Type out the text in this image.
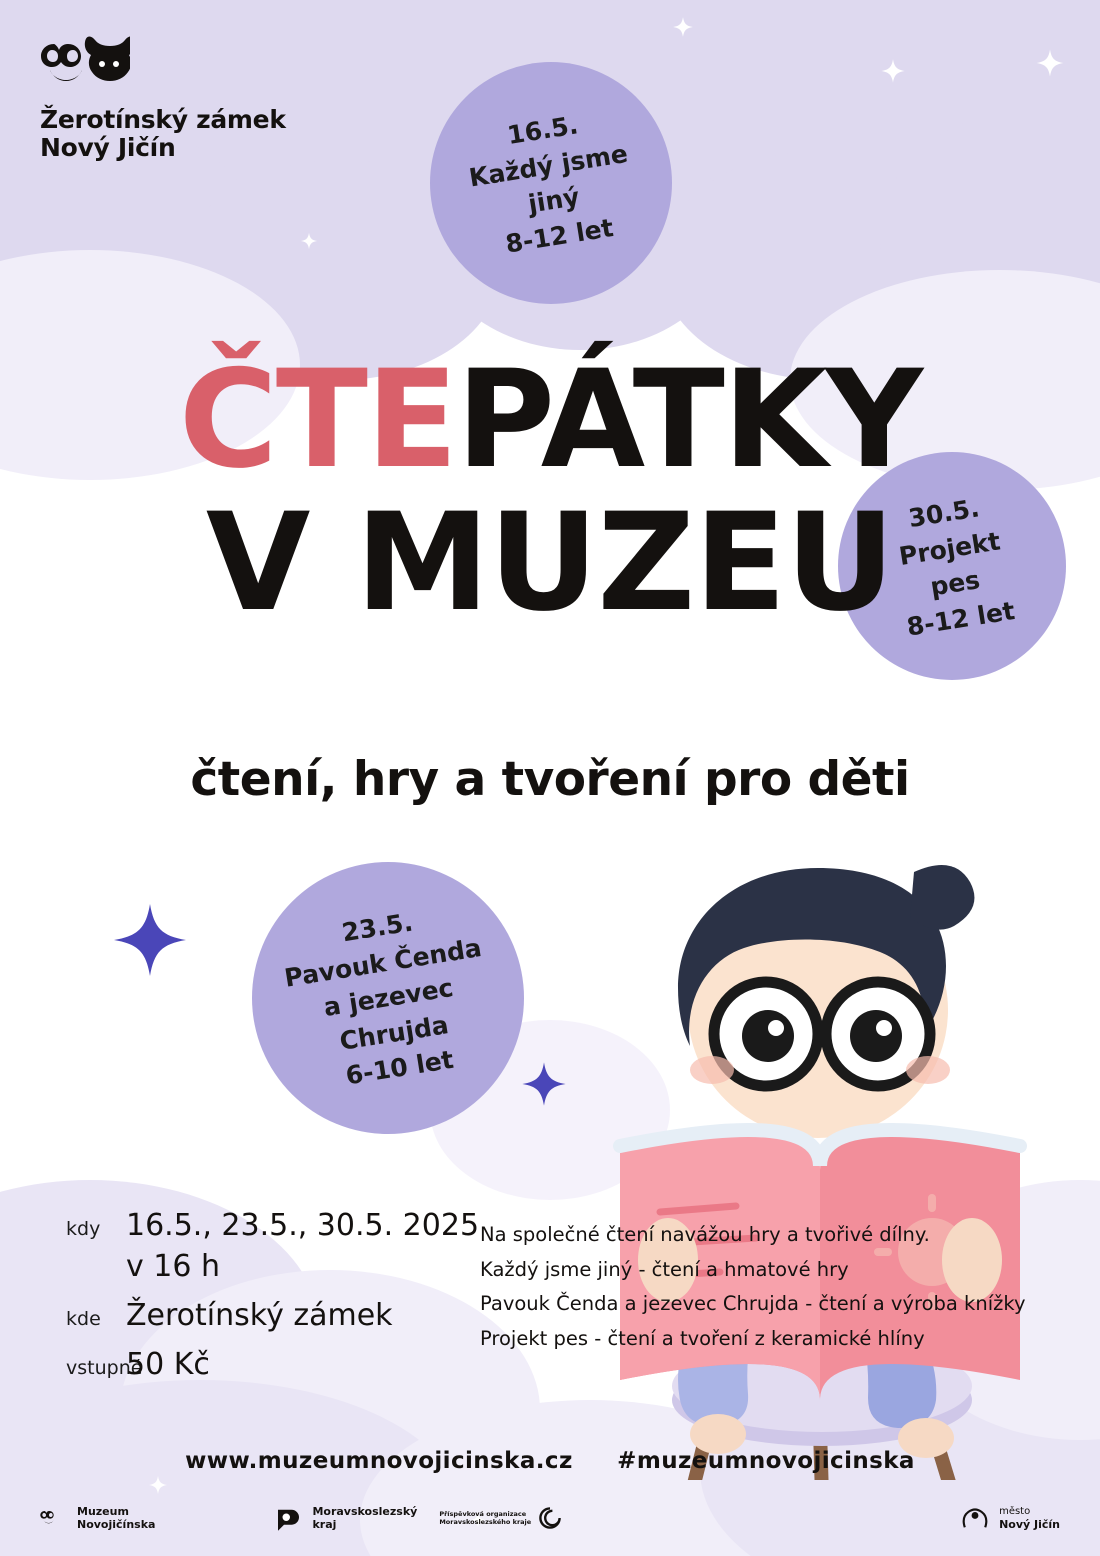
Žerotínský zámek
Nový Jičín	16.5.
Každý jsme
jiný
8-12 let
30.5.
Projekt
pes
8-12 let
23.5.
Pavouk Čenda
a jezevec
Chrujda
6-10 let
ČTEPÁTKY
V MUZEU
čtení, hry a tvoření pro děti
kdy 16.5., 23.5., 30.5. 2025
v 16 h
kde Žerotínský zámek
vstupné
50 Kč
Na společné čtení navážou hry a tvořivé dílny.
Každý jsme jiný - čtení a hmatové hry
Pavouk Čenda a jezevec Chrujda - čtení a výroba knížky
Projekt pes - čtení a tvoření z keramické hlíny
www.muzeumnovojicinska.cz #muzeumnovojicinska
Muzeum
Novojičínska
Moravskoslezský
kraj
Příspěvková organizace
Moravskoslezského kraje
město
Nový Jičín
